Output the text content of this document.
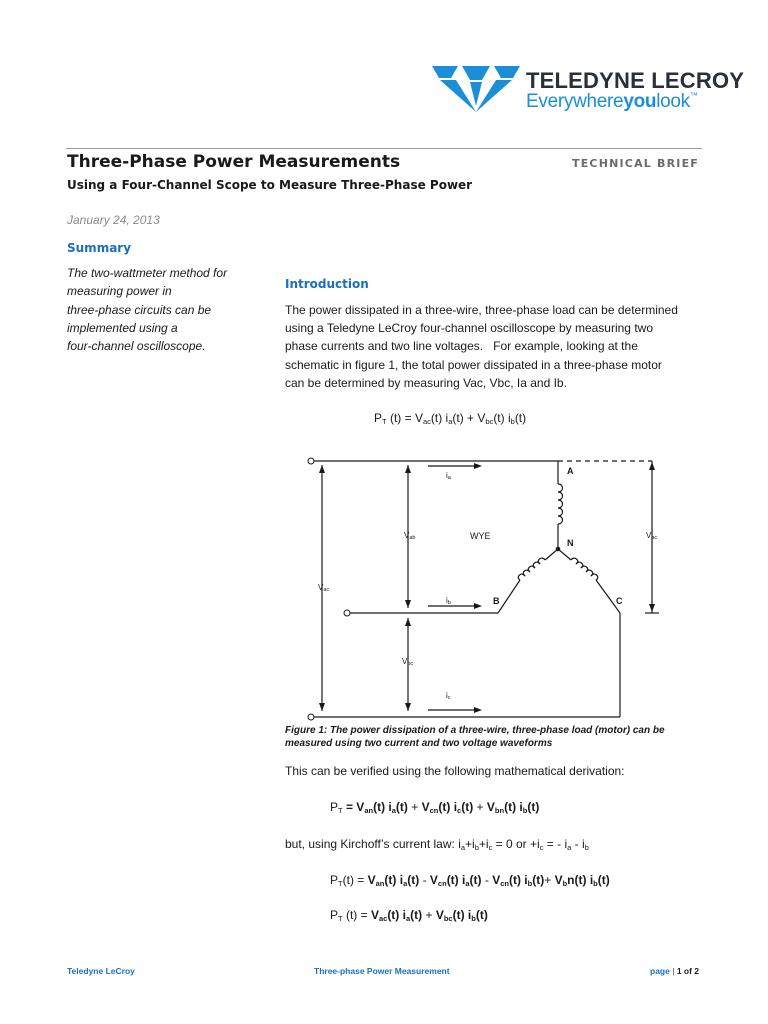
TELEDYNE LECROY
Everywhereyoulook™
Three-Phase Power Measurements	TECHNICAL BRIEF
Using a Four-Channel Scope to Measure Three-Phase Power
January 24, 2013
Summary
The two-wattmeter method for
measuring power in
three-phase circuits can be
implemented using a
four-channel oscilloscope.
Introduction
The power dissipated in a three-wire, three-phase load can be determined
using a Teledyne LeCroy four-channel oscilloscope by measuring two
phase currents and two line voltages.   For example, looking at the
schematic in figure 1, the total power dissipated in a three-phase motor
can be determined by measuring Vac, Vbc, Ia and Ib.
$P_T$ $(t) = V_{ac}(t) i_a(t) + V_{bc}(t)$ $i_b(t)$
A
N
B	C
WYE
ia
ib
ic
Vab
Vbc
Vac
Vac
Figure 1: The power dissipation of a three-wire, three-phase load (motor) can be
measured using two current and two voltage waveforms
This can be verified using the following mathematical derivation:
$P_T = V_{an}(t) i_a(t) + V_{cn}(t) i_c(t) + V_{bn}(t)$ $i_b(t)$
but, using Kirchoff’s current law: $i_a+i_b+i_c = 0$ or $+i_c$ = - $i_a - i_b$
$P_T(t) = V_{an}(t)$ $i_a(t) - V_{cn}(t)$ $i_a(t) - V_{cn}(t)$ $i_b(t)+ V_bn(t)$ $i_b(t)$
$P_T$ $(t) = V_{ac}(t) i_a(t) + V_{bc}(t)$ $i_b(t)$
Teledyne LeCroy	Three-phase Power Measurement	page | 1 of 2
